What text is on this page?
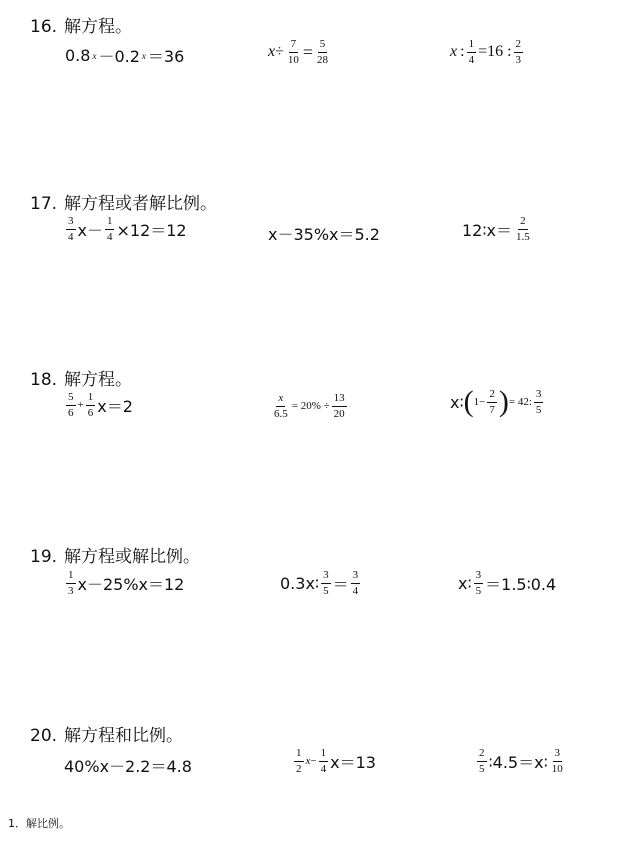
16. 解方程。
0.8 x －0.2 x ＝36	$x \div \frac{7}{10} = \frac{5}{28}$	x : $\frac{1}{4} =16$ : $\frac{2}{3}$
17. 解方程或者解比例。
$\frac{3}{4} x- \frac{1}{4} \times 12=12$	x－35%x＝5.2	12∶x＝ $\frac{2}{1.5}$
18. 解方程。
$\frac{5}{6} + \frac{1}{6} x=2$	$\frac{x}{6.5} = 20\% \div \frac{13}{20}$	x∶ ( $1- \frac{2}{7}$ ) = 42: $\frac{3}{5}$
19. 解方程或解比例。
$\frac{1}{3} x-25\%x=12$	0.3x∶ $\frac{3}{5} = \frac{3}{4}$	x∶ $\frac{3}{5}$ ＝1.5∶0.4
20. 解方程和比例。
40%x－2.2＝4.8	$\frac{1}{2}$ $x - \frac{1}{4} x=13$	$\frac{2}{5}$ ∶4.5＝x∶ $\frac{3}{10}$
1．解比例。
